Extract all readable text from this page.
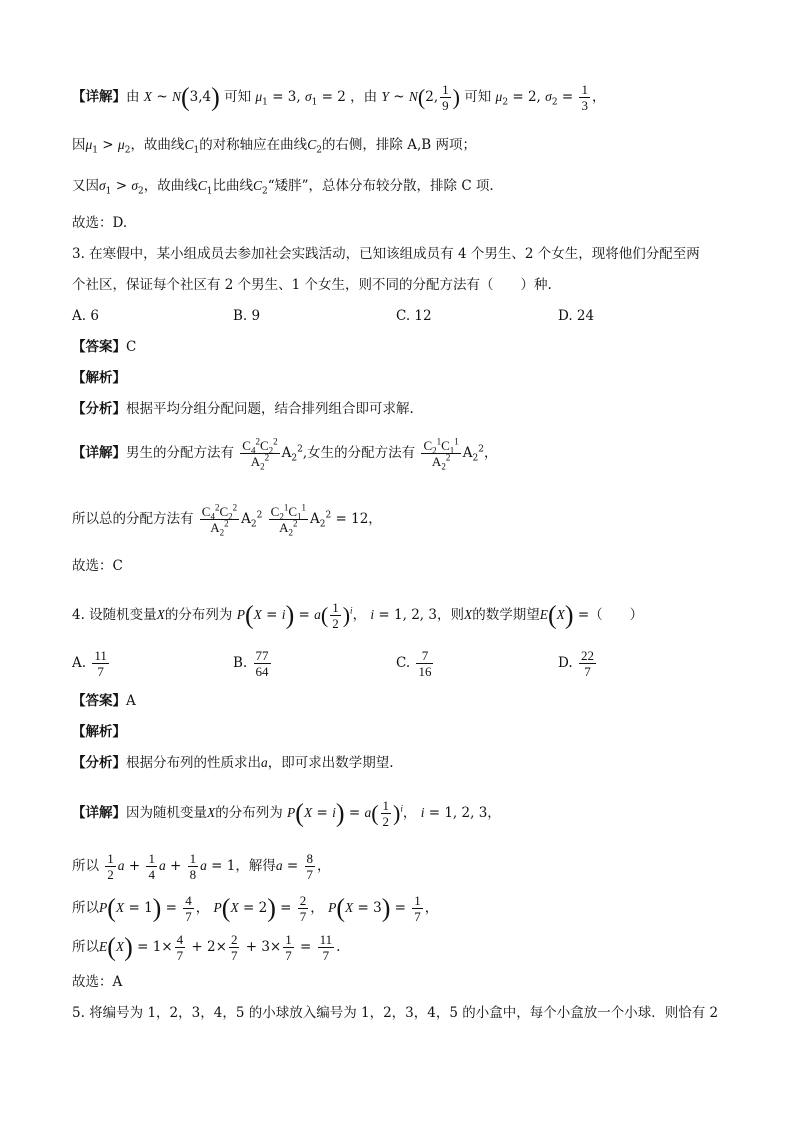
【详解】由 X ~ N(3,4) 可知 $\mu_1 = 3$, $\sigma_1 = 2$ ，由 Y ~ N(2, $\frac{1}{9}$ ) 可知 $\mu_2 = 2$, $\sigma_2 = \frac{1}{3}$ ，
因$\mu_1 > \mu_2$，故曲线$C_1$的对称轴应在曲线$C_2$的右侧，排除 A,B 两项；
又因$\sigma_1 > \sigma_2$，故曲线$C_1$比曲线$C_2“$矮胖”，总体分布较分散，排除 C 项.
故选：D.
3. 在寒假中，某小组成员去参加社会实践活动，已知该组成员有 4 个男生、2 个女生，现将他们分配至两
个社区，保证每个社区有 2 个男生、1 个女生，则不同的分配方法有（　　）种.
A. 6	B. 9	C. 12	D. 24
【答案】C
【解析】
【分析】根据平均分组分配问题，结合排列组合即可求解.
【详解】男生的分配方法有 $\frac{C_4^2C_2^2}{A_2^2} A_2^2$,女生的分配方法有 $\frac{C_2^1C_1^1}{A_2^2} A_2^2$，
所以总的分配方法有 $\frac{C_4^2C_2^2}{A_2^2} A_2^2 \frac{C_2^1C_1^1}{A_2^2} A_2^2 = 12$，
故选：C
4. 设随机变量X的分布列为 $P(X = i) = a( \frac{1}{2} )^i$， i = 1, 2, 3，则X的数学期望E(X) =（　　）
A. $\frac{11}{7}$	B. $\frac{77}{64}$	C. $\frac{7}{16}$	D. $\frac{22}{7}$
【答案】A
【解析】
【分析】根据分布列的性质求出a，即可求出数学期望.
【详解】因为随机变量X的分布列为 $P(X = i) = a( \frac{1}{2} )^i$， i = 1, 2, 3，
所以 $\frac{1}{2}$ $a + \frac{1}{4}$ $a + \frac{1}{8}$ a = 1，解得$a = \frac{8}{7}$ ，
所以$P(X = 1) = \frac{4}{7}$ ， $P(X = 2) = \frac{2}{7}$ ， $P(X = 3) = \frac{1}{7}$ ，
所以$E(X) = 1\times \frac{4}{7} + 2\times \frac{2}{7} + 3\times \frac{1}{7} = \frac{11}{7}$ .
故选：A
5. 将编号为 1，2，3，4，5 的小球放入编号为 1，2，3，4，5 的小盒中，每个小盒放一个小球．则恰有 2
